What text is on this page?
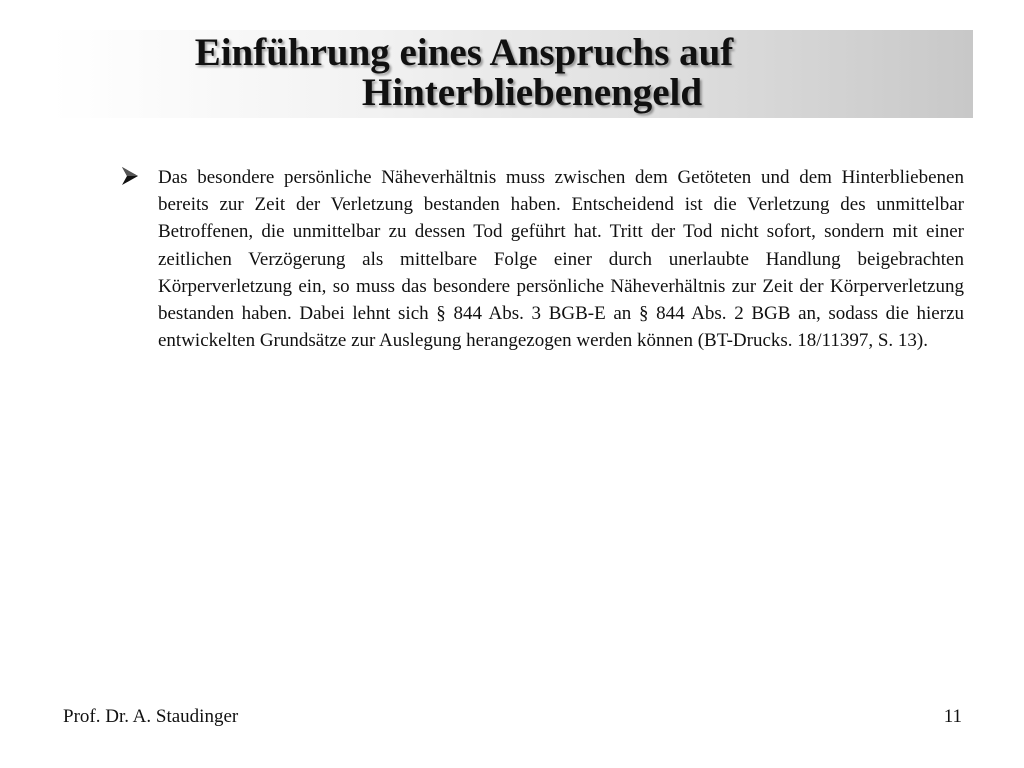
Einführung eines Anspruchs auf
Hinterbliebenengeld

Das besondere persönliche Näheverhältnis muss zwischen dem Getöteten und dem Hinterbliebenen bereits zur Zeit der Verletzung bestanden haben. Entscheidend ist die Verletzung des unmittelbar Betroffenen, die unmittelbar zu dessen Tod geführt hat. Tritt der Tod nicht sofort, sondern mit einer zeitlichen Verzögerung als mittelbare Folge einer durch unerlaubte Handlung beigebrachten Körperverletzung ein, so muss das besondere persönliche Näheverhältnis zur Zeit der Körperverletzung bestanden haben. Dabei lehnt sich § 844 Abs. 3 BGB-E an § 844 Abs. 2 BGB an, sodass die hierzu entwickelten Grundsätze zur Auslegung herangezogen werden können (BT-Drucks. 18/11397, S. 13).

Prof. Dr. A. Staudinger	11
